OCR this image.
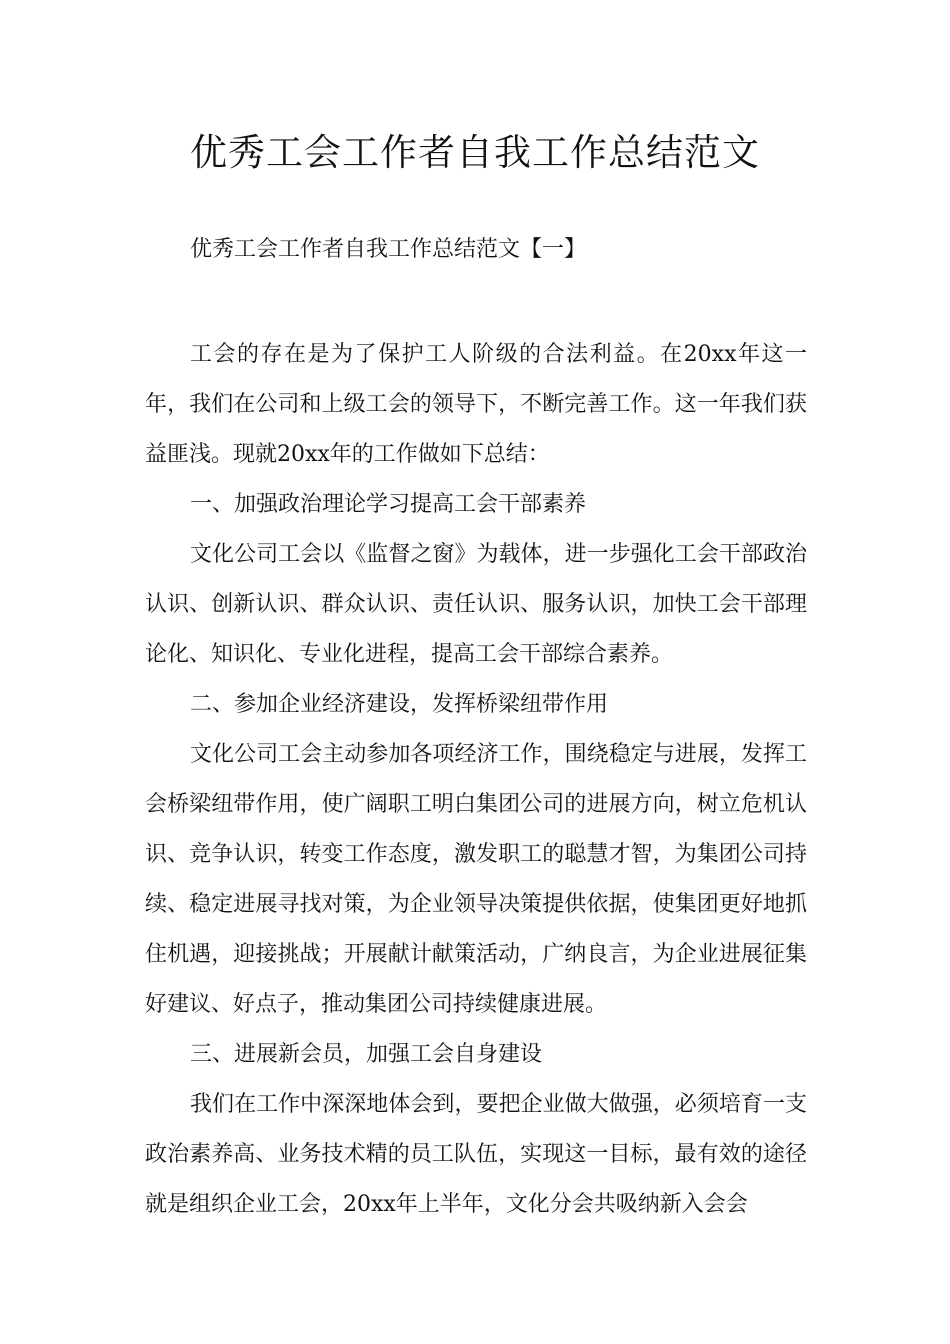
优秀工会工作者自我工作总结范文

优秀工会工作者自我工作总结范文【一】

工会的存在是为了保护工人阶级的合法利益。在20xx年这一年，我们在公司和上级工会的领导下，不断完善工作。这一年我们获益匪浅。现就20xx年的工作做如下总结：

一、加强政治理论学习提高工会干部素养

文化公司工会以《监督之窗》为载体，进一步强化工会干部政治认识、创新认识、群众认识、责任认识、服务认识，加快工会干部理论化、知识化、专业化进程，提高工会干部综合素养。

二、参加企业经济建设，发挥桥梁纽带作用

文化公司工会主动参加各项经济工作，围绕稳定与进展，发挥工会桥梁纽带作用，使广阔职工明白集团公司的进展方向，树立危机认识、竞争认识，转变工作态度，激发职工的聪慧才智，为集团公司持续、稳定进展寻找对策，为企业领导决策提供依据，使集团更好地抓住机遇，迎接挑战；开展献计献策活动，广纳良言，为企业进展征集好建议、好点子，推动集团公司持续健康进展。

三、进展新会员，加强工会自身建设

我们在工作中深深地体会到，要把企业做大做强，必须培育一支政治素养高、业务技术精的员工队伍，实现这一目标，最有效的途径就是组织企业工会，20xx年上半年，文化分会共吸纳新入会会
